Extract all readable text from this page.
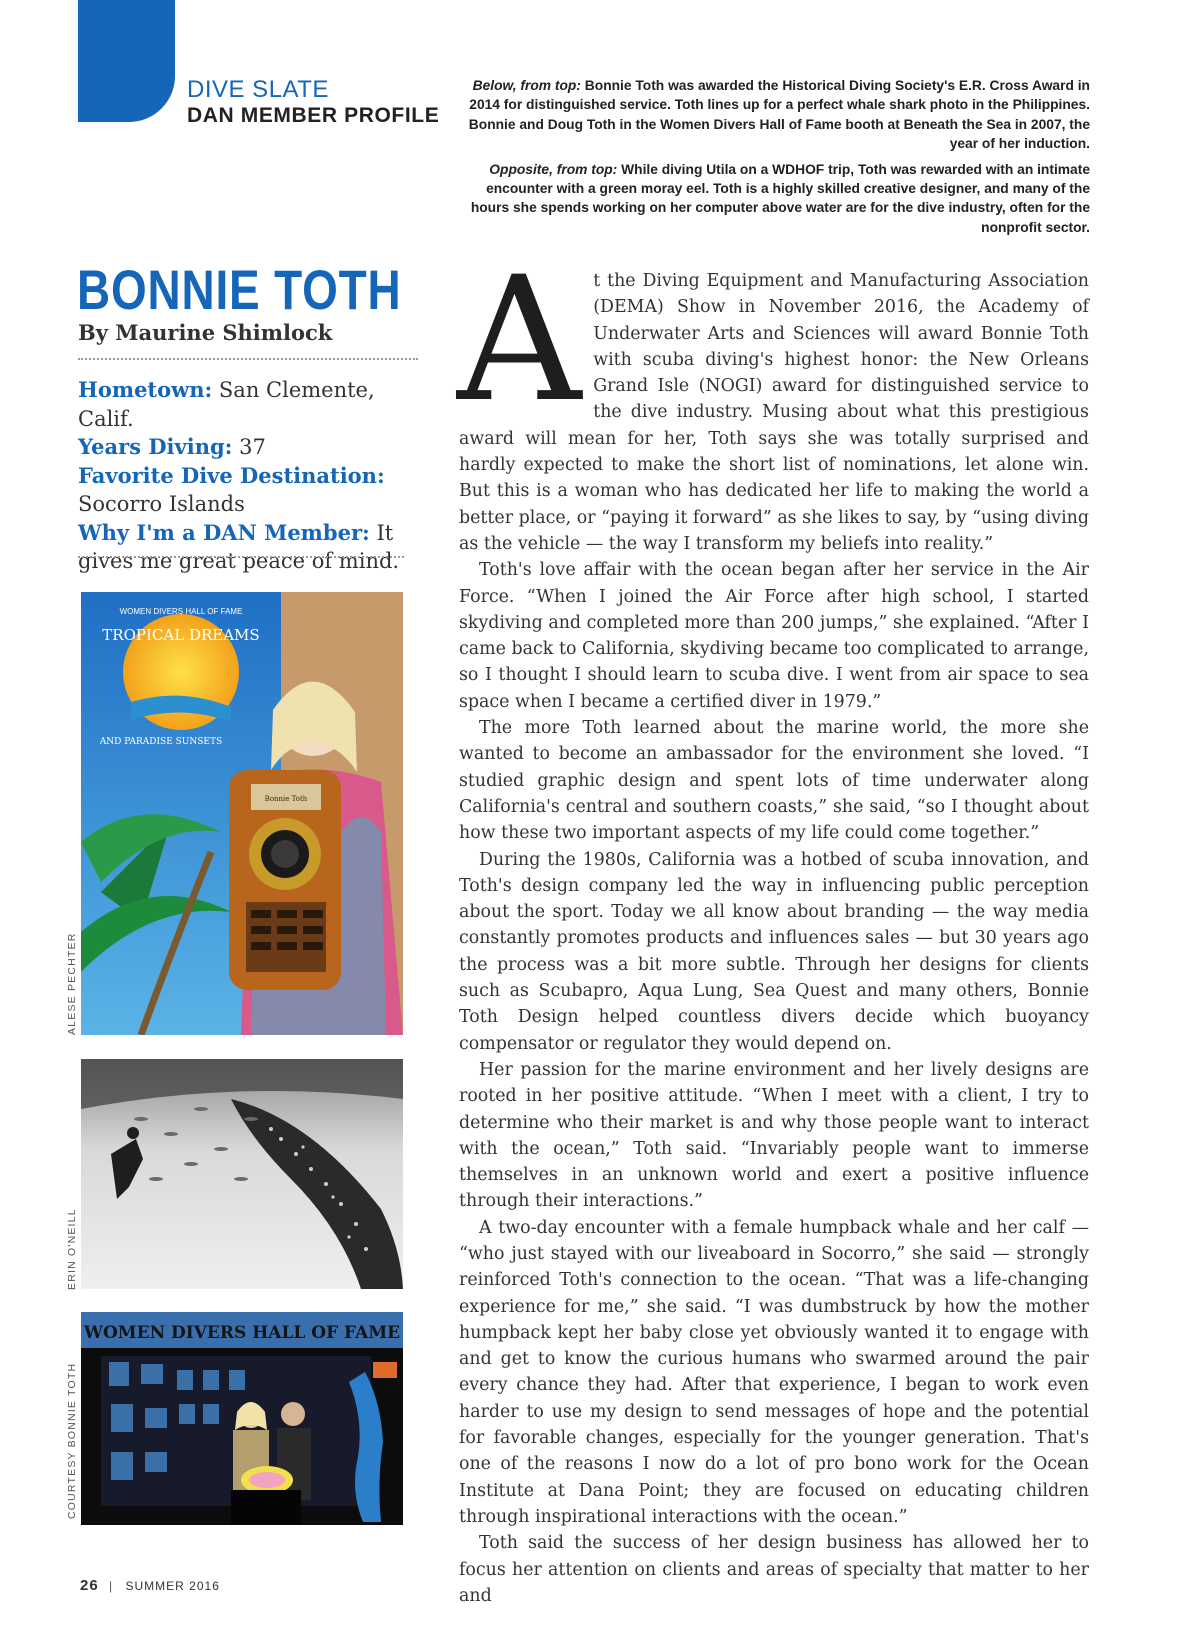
DIVE SLATE
DAN MEMBER PROFILE

Below, from top: Bonnie Toth was awarded the Historical Diving Society's E.R. Cross Award in 2014 for distinguished service. Toth lines up for a perfect whale shark photo in the Philippines. Bonnie and Doug Toth in the Women Divers Hall of Fame booth at Beneath the Sea in 2007, the year of her induction.

Opposite, from top: While diving Utila on a WDHOF trip, Toth was rewarded with an intimate encounter with a green moray eel. Toth is a highly skilled creative designer, and many of the hours she spends working on her computer above water are for the dive industry, often for the nonprofit sector.

BONNIE TOTH
By Maurine Shimlock
Hometown: San Clemente, Calif.
Years Diving: 37
Favorite Dive Destination: Socorro Islands
Why I'm a DAN Member: It gives me great peace of mind.
Bonnie Toth
WOMEN DIVERS HALL OF FAME
TROPICAL DREAMS
AND PARADISE SUNSETS
ALESE PECHTER
ERIN O'NEILL
WOMEN DIVERS HALL OF FAME
COURTESY BONNIE TOTH
A t the Diving Equipment and Manufacturing Association (DEMA) Show in November 2016, the Academy of Underwater Arts and Sciences will award Bonnie Toth with scuba diving's highest honor: the New Orleans Grand Isle (NOGI) award for distinguished service to the dive industry. Musing about what this prestigious award will mean for her, Toth says she was totally surprised and hardly expected to make the short list of nominations, let alone win. But this is a woman who has dedicated her life to making the world a better place, or “paying it forward” as she likes to say, by “using diving as the vehicle — the way I transform my beliefs into reality.”

Toth's love affair with the ocean began after her service in the Air Force. “When I joined the Air Force after high school, I started skydiving and completed more than 200 jumps,” she explained. “After I came back to California, skydiving became too complicated to arrange, so I thought I should learn to scuba dive. I went from air space to sea space when I became a certified diver in 1979.”

The more Toth learned about the marine world, the more she wanted to become an ambassador for the environment she loved. “I studied graphic design and spent lots of time underwater along California's central and southern coasts,” she said, “so I thought about how these two important aspects of my life could come together.”

During the 1980s, California was a hotbed of scuba innovation, and Toth's design company led the way in influencing public perception about the sport. Today we all know about branding — the way media constantly promotes products and influences sales — but 30 years ago the process was a bit more subtle. Through her designs for clients such as Scubapro, Aqua Lung, Sea Quest and many others, Bonnie Toth Design helped countless divers decide which buoyancy compensator or regulator they would depend on.

Her passion for the marine environment and her lively designs are rooted in her positive attitude. “When I meet with a client, I try to determine who their market is and why those people want to interact with the ocean,” Toth said. “Invariably people want to immerse themselves in an unknown world and exert a positive influence through their interactions.”

A two-day encounter with a female humpback whale and her calf — “who just stayed with our liveaboard in Socorro,” she said — strongly reinforced Toth's connection to the ocean. “That was a life-changing experience for me,” she said. “I was dumbstruck by how the mother humpback kept her baby close yet obviously wanted it to engage with and get to know the curious humans who swarmed around the pair every chance they had. After that experience, I began to work even harder to use my design to send messages of hope and the potential for favorable changes, especially for the younger generation. That's one of the reasons I now do a lot of pro bono work for the Ocean Institute at Dana Point; they are focused on educating children through inspirational interactions with the ocean.”

Toth said the success of her design business has allowed her to focus her attention on clients and areas of specialty that matter to her and

26 | SUMMER 2016
